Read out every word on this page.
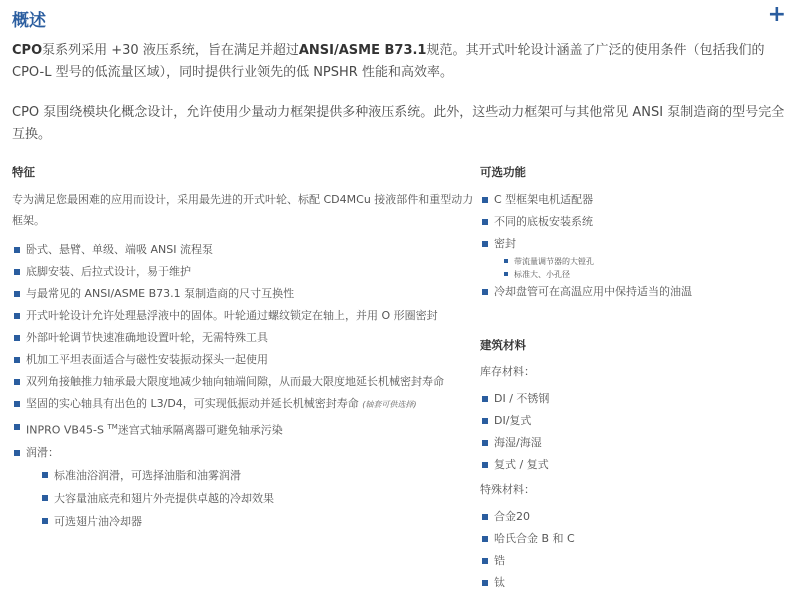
概述	+

CPO泵系列采用 +30 液压系统，旨在满足并超过ANSI/ASME B73.1规范。其开式叶轮设计涵盖了广泛的使用条件（包括我们的 CPO-L 型号的低流量区域），同时提供行业领先的低 NPSHR 性能和高效率。

CPO 泵围绕模块化概念设计，允许使用少量动力框架提供多种液压系统。此外，这些动力框架可与其他常见 ANSI 泵制造商的型号完全互换。

特征
专为满足您最困难的应用而设计，采用最先进的开式叶轮、标配 CD4MCu 接液部件和重型动力框架。
卧式、悬臂、单级、端吸 ANSI 流程泵
底脚安装、后拉式设计，易于维护
与最常见的 ANSI/ASME B73.1 泵制造商的尺寸互换性
开式叶轮设计允许处理悬浮液中的固体。叶轮通过螺纹锁定在轴上，并用 O 形圈密封
外部叶轮调节快速准确地设置叶轮，无需特殊工具
机加工平坦表面适合与磁性安装振动探头一起使用
双列角接触推力轴承最大限度地减少轴向轴端间隙，从而最大限度地延长机械密封寿命
坚固的实心轴具有出色的 L3/D4，可实现低振动并延长机械密封寿命 (轴套可供选择)
INPRO VB45-S ™迷宫式轴承隔离器可避免轴承污染
润滑：
标准油浴润滑，可选择油脂和油雾润滑
大容量油底壳和翅片外壳提供卓越的冷却效果
可选翅片油冷却器
可选功能
C 型框架电机适配器
不同的底板安装系统
密封
带流量调节器的大镗孔
标准大、小孔径
冷却盘管可在高温应用中保持适当的油温
建筑材料
库存材料：
DI / 不锈钢
DI/复式
海湿/海湿
复式 / 复式
特殊材料：
合金20
哈氏合金 B 和 C
锆
钛
